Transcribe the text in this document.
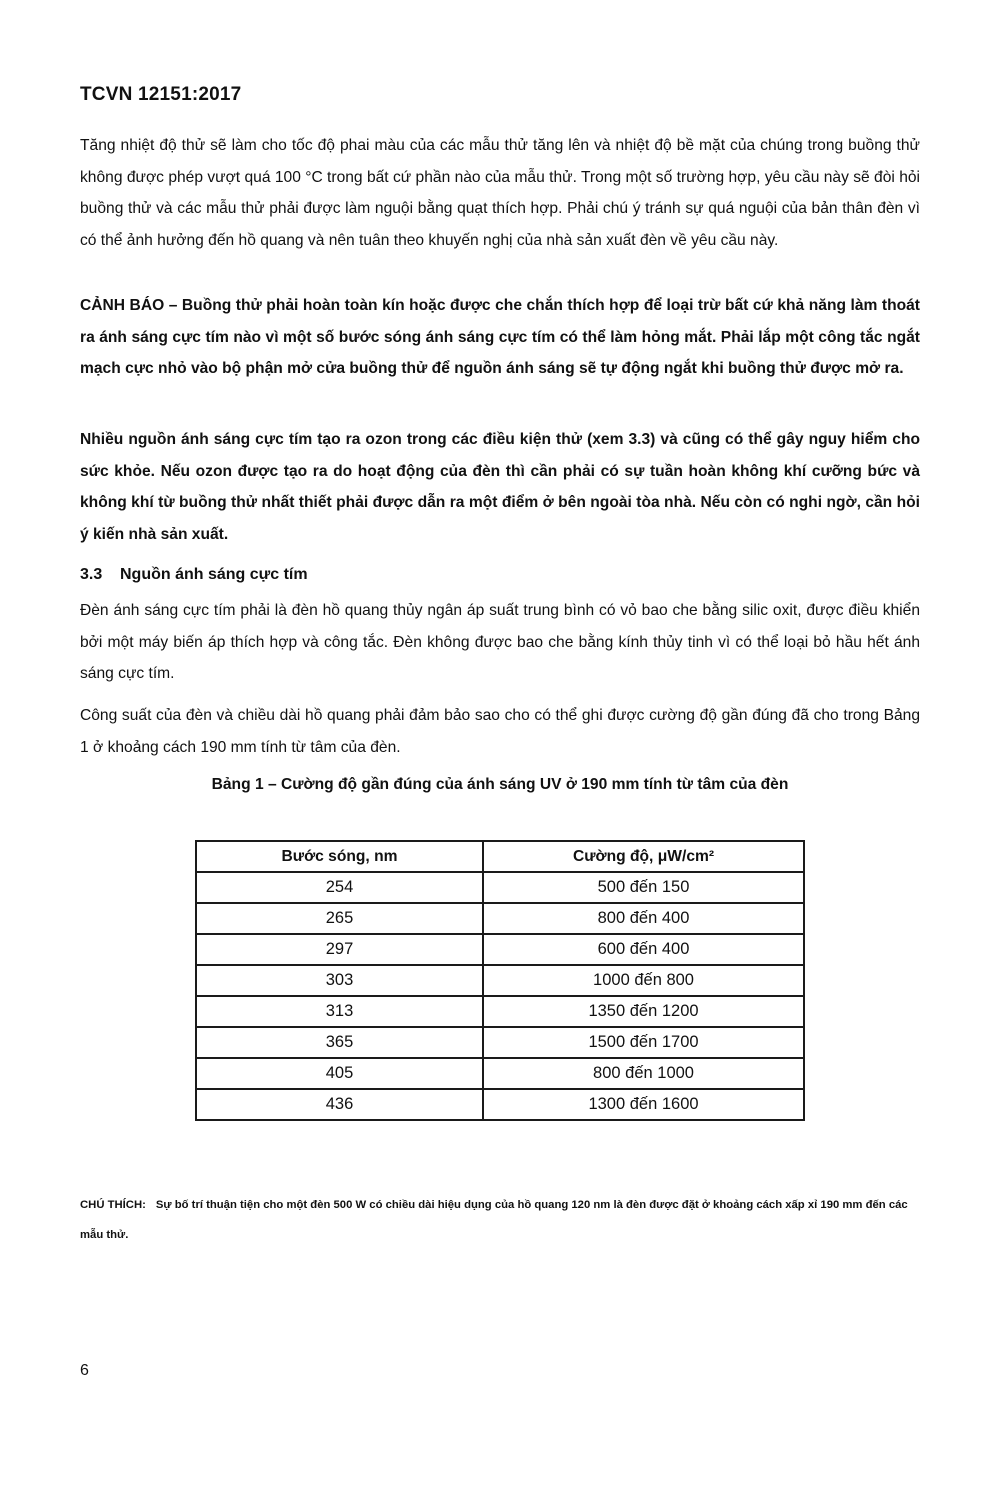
TCVN 12151:2017
Tăng nhiệt độ thử sẽ làm cho tốc độ phai màu của các mẫu thử tăng lên và nhiệt độ bề mặt của chúng trong buồng thử không được phép vượt quá 100 °C trong bất cứ phần nào của mẫu thử. Trong một số trường hợp, yêu cầu này sẽ đòi hỏi buồng thử và các mẫu thử phải được làm nguội bằng quạt thích hợp. Phải chú ý tránh sự quá nguội của bản thân đèn vì có thể ảnh hưởng đến hồ quang và nên tuân theo khuyến nghị của nhà sản xuất đèn về yêu cầu này.
CẢNH BÁO – Buồng thử phải hoàn toàn kín hoặc được che chắn thích hợp để loại trừ bất cứ khả năng làm thoát ra ánh sáng cực tím nào vì một số bước sóng ánh sáng cực tím có thể làm hỏng mắt. Phải lắp một công tắc ngắt mạch cực nhỏ vào bộ phận mở cửa buồng thử để nguồn ánh sáng sẽ tự động ngắt khi buồng thử được mở ra.
Nhiều nguồn ánh sáng cực tím tạo ra ozon trong các điều kiện thử (xem 3.3) và cũng có thể gây nguy hiểm cho sức khỏe. Nếu ozon được tạo ra do hoạt động của đèn thì cần phải có sự tuần hoàn không khí cưỡng bức và không khí từ buồng thử nhất thiết phải được dẫn ra một điểm ở bên ngoài tòa nhà. Nếu còn có nghi ngờ, cần hỏi ý kiến nhà sản xuất.
3.3 Nguồn ánh sáng cực tím
Đèn ánh sáng cực tím phải là đèn hồ quang thủy ngân áp suất trung bình có vỏ bao che bằng silic oxit, được điều khiển bởi một máy biến áp thích hợp và công tắc. Đèn không được bao che bằng kính thủy tinh vì có thể loại bỏ hầu hết ánh sáng cực tím.
Công suất của đèn và chiều dài hồ quang phải đảm bảo sao cho có thể ghi được cường độ gần đúng đã cho trong Bảng 1 ở khoảng cách 190 mm tính từ tâm của đèn.
Bảng 1 – Cường độ gần đúng của ánh sáng UV ở 190 mm tính từ tâm của đèn
Bước sóng, nm	Cường độ, μW/cm²
254	500 đến 150
265	800 đến 400
297	600 đến 400
303	1000 đến 800
313	1350 đến 1200
365	1500 đến 1700
405	800 đến 1000
436	1300 đến 1600
CHÚ THÍCH: Sự bố trí thuận tiện cho một đèn 500 W có chiều dài hiệu dụng của hồ quang 120 nm là đèn được đặt ở khoảng cách xấp xỉ 190 mm đến các mẫu thử.
6
